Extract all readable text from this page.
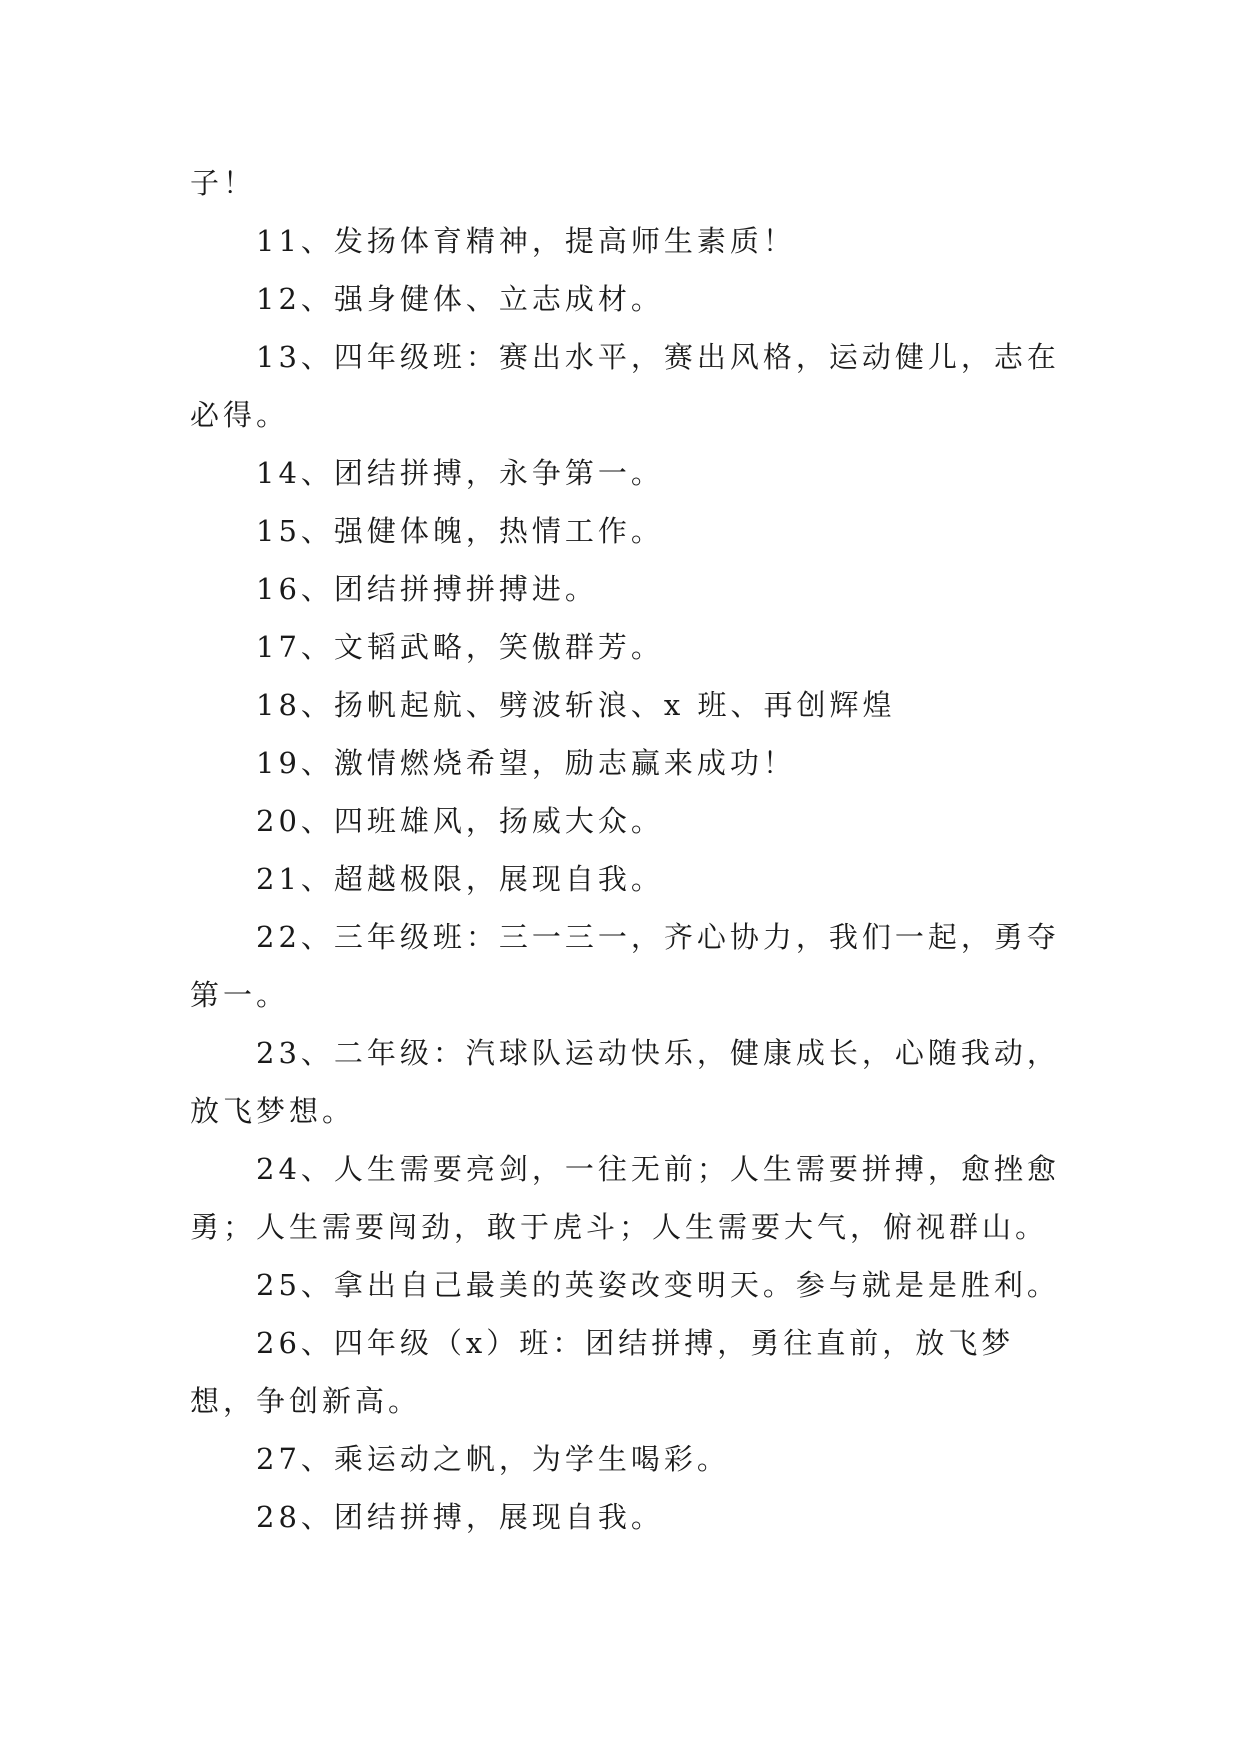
子！

11、发扬体育精神，提高师生素质！

12、强身健体、立志成材。

13、四年级班：赛出水平，赛出风格，运动健儿，志在必得。

14、团结拼搏，永争第一。

15、强健体魄，热情工作。

16、团结拼搏拼搏进。

17、文韬武略，笑傲群芳。

18、扬帆起航、劈波斩浪、x 班、再创辉煌

19、激情燃烧希望，励志赢来成功！

20、四班雄风，扬威大众。

21、超越极限，展现自我。

22、三年级班：三一三一，齐心协力，我们一起，勇夺第一。

23、二年级：汽球队运动快乐，健康成长，心随我动，放飞梦想。

24、人生需要亮剑，一往无前；人生需要拼搏，愈挫愈勇；人生需要闯劲，敢于虎斗；人生需要大气，俯视群山。

25、拿出自己最美的英姿改变明天。参与就是是胜利。

26、四年级（x）班：团结拼搏，勇往直前，放飞梦想，争创新高。

27、乘运动之帆，为学生喝彩。

28、团结拼搏，展现自我。
